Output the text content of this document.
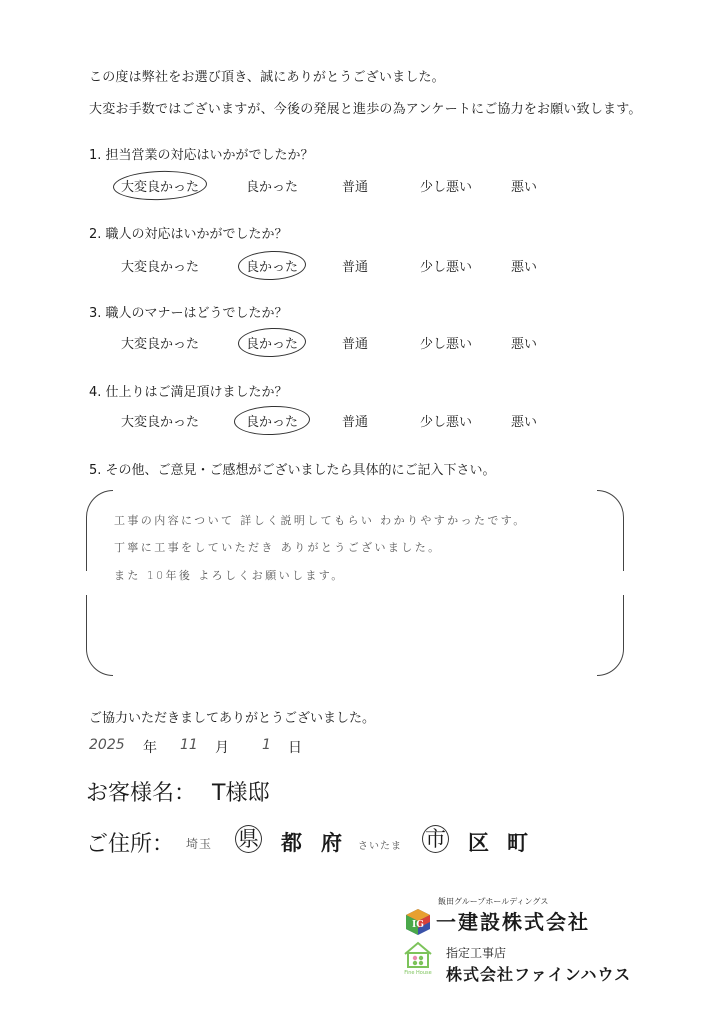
この度は弊社をお選び頂き、誠にありがとうございました。
大変お手数ではございますが、今後の発展と進歩の為アンケートにご協力をお願い致します。
1. 担当営業の対応はいかがでしたか？
大変良かった	良かった	普通	少し悪い	悪い
2. 職人の対応はいかがでしたか？
大変良かった	良かった	普通	少し悪い	悪い
3. 職人のマナーはどうでしたか？
大変良かった	良かった	普通	少し悪い	悪い
4. 仕上りはご満足頂けましたか？
大変良かった	良かった	普通	少し悪い	悪い
5. その他、ご意見・ご感想がございましたら具体的にご記入下さい。
工事の内容について 詳しく説明してもらい わかりやすかったです。
丁寧に工事をしていただき ありがとうございました。
また 10年後 よろしくお願いします。
ご協力いただきましてありがとうございました。
2025 年 11 月 1 日
お客様名： T様邸
ご住所： 埼玉 県 都 府 さいたま 市 区 町
IG
飯田グループホールディングス
一建設株式会社
Fine House
指定工事店
株式会社ファインハウス
